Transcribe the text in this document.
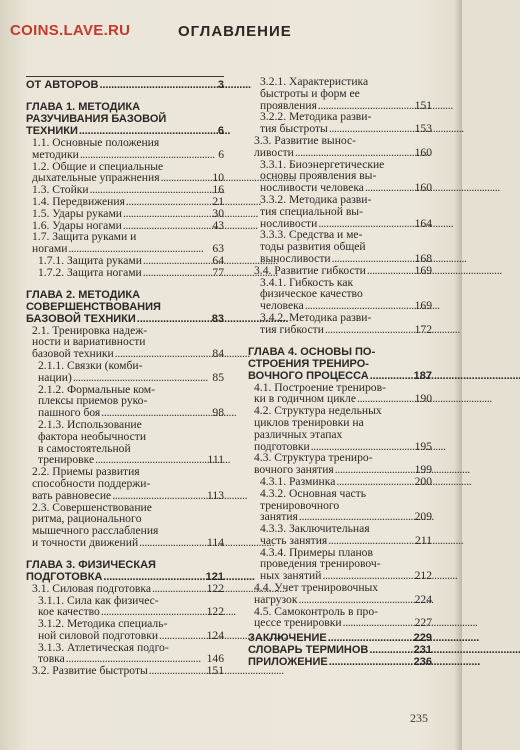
COINS.LAVE.RU	ОГЛАВЛЕНИЕ
ОТ АВТОРОВ . . .	3
ГЛАВА 1. МЕТОДИКА
РАЗУЧИВАНИЯ БАЗОВОЙ
ТЕХНИКИ . . .	6
1.1. Основные положения
методики . . .	6
1.2. Общие и специальные
дыхательные упражнения . . .	10
1.3. Стойки . . .	16
1.4. Передвижения . . .	21
1.5. Удары руками . . .	30
1.6. Удары ногами . . .	43
1.7. Защита руками и
ногами . . .	63
1.7.1. Защита руками . . .	64
1.7.2. Защита ногами . . .	77
ГЛАВА 2. МЕТОДИКА
СОВЕРШЕНСТВОВАНИЯ
БАЗОВОЙ ТЕХНИКИ . . .	83
2.1. Тренировка надеж-
ности и вариативности
базовой техники . . .	84
2.1.1. Связки (комби-
нации) . . .	85
2.1.2. Формальные ком-
плексы приемов руко-
пашного боя . . .	98
2.1.3. Использование
фактора необычности
в самостоятельной
тренировке . . .	111
2.2. Приемы развития
способности поддержи-
вать равновесие . . .	113
2.3. Совершенствование
ритма, рациональногo
мышечного расслабления
и точности движений . . .	114
ГЛАВА 3. ФИЗИЧЕСКАЯ
ПОДГОТОВКА . . .	121
3.1. Силовая подготовка . . .	122
3.1.1. Сила как физичес-
кое качество . . .	122
3.1.2. Методика специаль-
ной силовой подготовки . . .	124
3.1.3. Атлетическая подго-
товка . . .	146
3.2. Развитие быстроты . . .	151
3.2.1. Характеристика
быстроты и форм ее
проявления . . .	151
3.2.2. Методика разви-
тия быстроты . . .	153
3.3. Развитие вынос-
ливости . . .	160
3.3.1. Биоэнергетические
основы проявления вы-
носливости человека . . .	160
3.3.2. Методика разви-
тия специальной вы-
носливости . . .	164
3.3.3. Средства и ме-
тоды развития общей
выносливости . . .	168
3.4. Развитие гибкости . . .	169
3.4.1. Гибкость как
физическое качество
человека . . .	169
3.4.2. Методика разви-
тия гибкости . . .	172
ГЛАВА 4. ОСНОВЫ ПО-
СТРОЕНИЯ ТРЕНИРО-
ВОЧНОГО ПРОЦЕССА . . .	187
4.1. Построение трениров-
ки в годичном цикле . . .	190
4.2. Структура недельных
циклов тренировки на
различных этапах
подготовки . . .	195
4.3. Структура трениро-
вочного занятия . . .	199
4.3.1. Разминка . . .	200
4.3.2. Основная часть
тренировочного
занятия . . .	209
4.3.3. Заключительная
часть занятия . . .	211
4.3.4. Примеры планов
проведения тренировоч-
ных занятий . . .	212
4.4. Учет тренировочных
нагрузок . . .	224
4.5. Самоконтроль в про-
цессе тренировки . . .	227
ЗАКЛЮЧЕНИЕ . . .	229
СЛОВАРЬ ТЕРМИНОВ . . .	231
ПРИЛОЖЕНИЕ . . .	236
235
